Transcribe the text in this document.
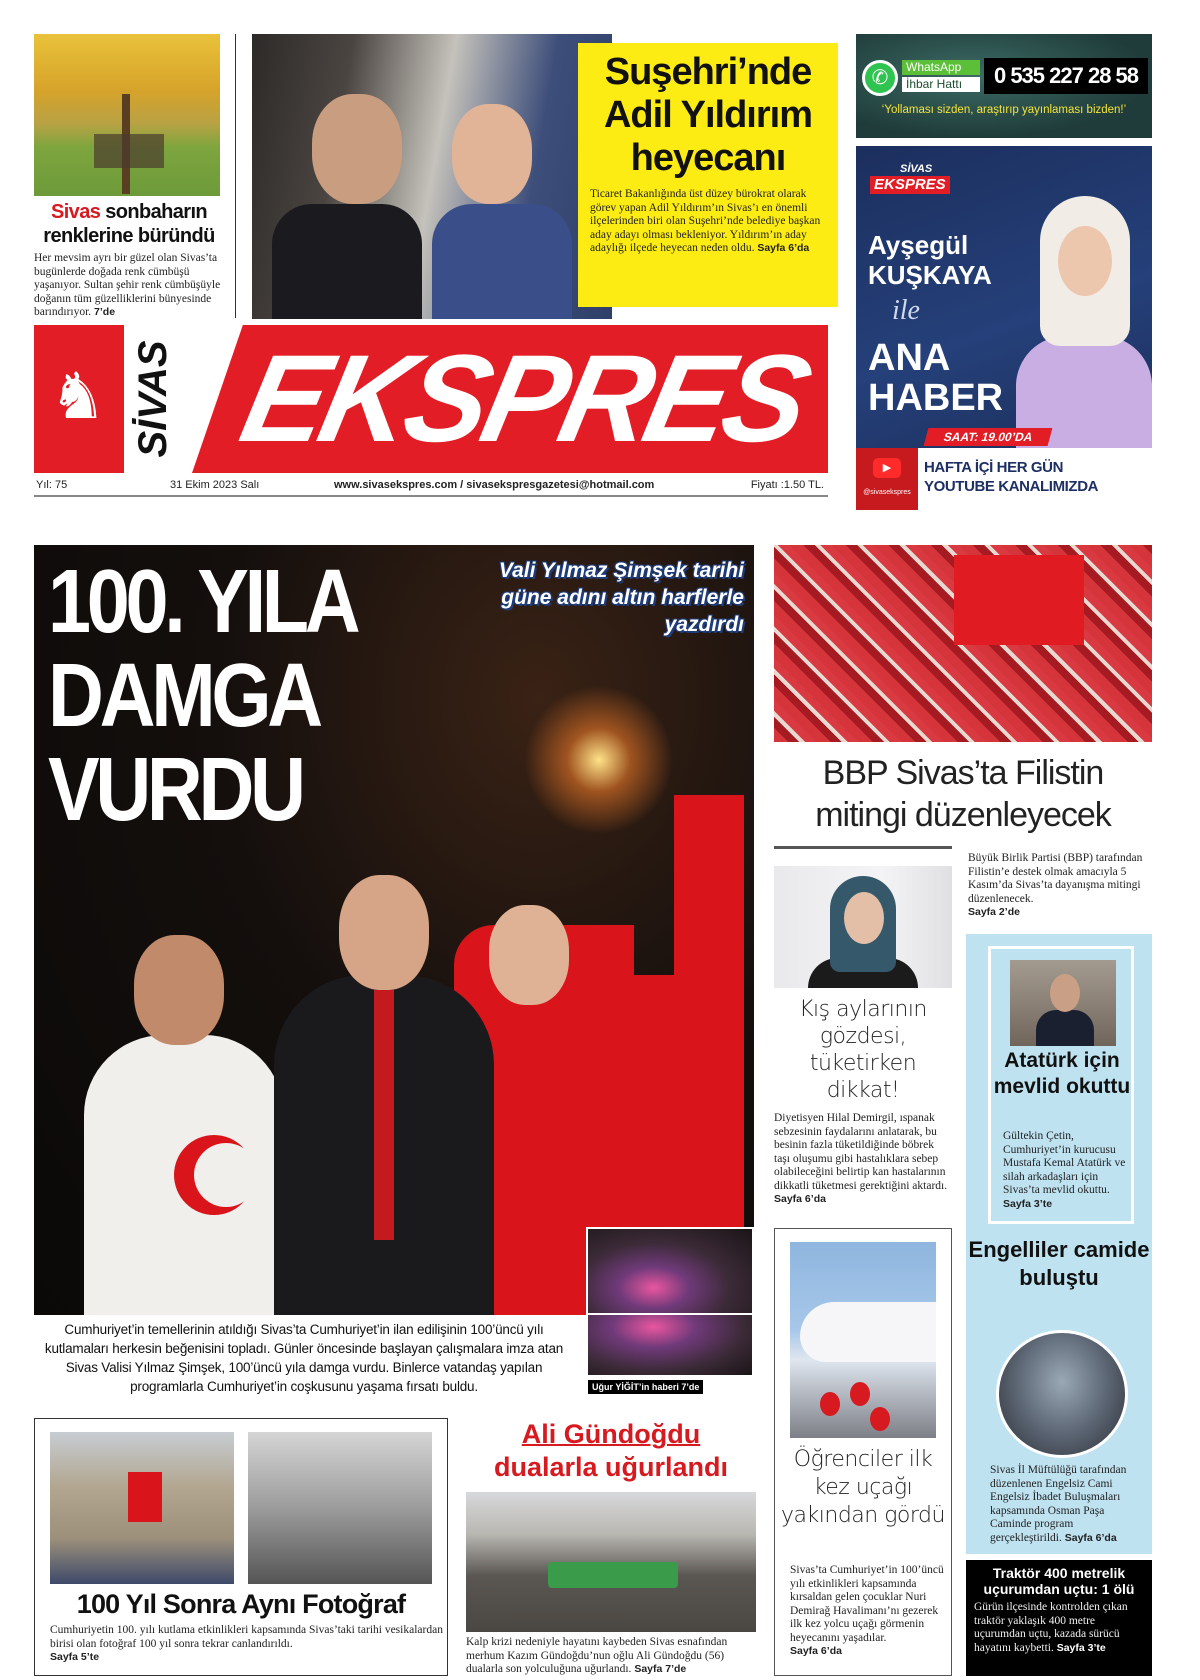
Sivas sonbaharın renklerine büründü
Her mevsim ayrı bir güzel olan Sivas’ta bugünlerde doğada renk cümbüşü yaşanıyor. Sultan şehir renk cümbüşüyle doğanın tüm güzelliklerini bünyesinde barındırıyor. 7’de
Suşehri’nde Adil Yıldırım heyecanı
Ticaret Bakanlığında üst düzey bürokrat olarak görev yapan Adil Yıldırım’ın Sivas’ı en önemli ilçelerinden biri olan Suşehri’nde belediye başkan aday adayı olması bekleniyor. Yıldırım’ın aday adaylığı ilçede heyecan neden oldu. Sayfa 6’da
✆	WhatsApp
İhbar Hattı	0 535 227 28 58
‘Yollaması sizden, araştırıp yayınlaması bizden!’
SİVAS
EKSPRES
Ayşegül
KUŞKAYA
ile
ANA
HABER
SAAT: 19.00’DA
▶
@sivasekspres
HAFTA İÇİ HER GÜN
YOUTUBE KANALIMIZDA
♞ SİVAS EKSPRES
Yıl: 75	31 Ekim 2023 Salı	www.sivasekspres.com / sivasekspresgazetesi@hotmail.com	Fiyatı :1.50 TL.
100. YILA
DAMGA
VURDU
Vali Yılmaz Şimşek tarihi güne adını altın harflerle yazdırdı
Cumhuriyet’in temellerinin atıldığı Sivas’ta Cumhuriyet’in ilan edilişinin 100’üncü yılı kutlamaları herkesin beğenisini topladı. Günler öncesinde başlayan çalışmalara imza atan Sivas Valisi Yılmaz Şimşek, 100’üncü yıla damga vurdu. Binlerce vatandaş yapılan programlarla Cumhuriyet’in coşkusunu yaşama fırsatı buldu.	Uğur YİĞİT’in haberi 7’de
BBP Sivas’ta Filistin mitingi düzenleyecek
Büyük Birlik Partisi (BBP) tarafından Filistin’e destek olmak amacıyla 5 Kasım’da Sivas’ta dayanışma mitingi düzenlenecek.
Sayfa 2’de
Kış aylarının gözdesi, tüketirken dikkat!
Diyetisyen Hilal Demirgil, ıspanak sebzesinin faydalarını anlatarak, bu besinin fazla tüketildiğinde böbrek taşı oluşumu gibi hastalıklara sebep olabileceğini belirtip kan hastalarının dikkatli tüketmesi gerektiğini aktardı.
Sayfa 6’da
Atatürk için mevlid okuttu
Gültekin Çetin, Cumhuriyet’in kurucusu Mustafa Kemal Atatürk ve silah arkadaşları için Sivas’ta mevlid okuttu.
Sayfa 3’te
Engelliler camide buluştu
Sivas İl Müftülüğü tarafından düzenlenen Engelsiz Cami Engelsiz İbadet Buluşmaları kapsamında Osman Paşa Caminde program gerçekleştirildi. Sayfa 6’da
Traktör 400 metrelik uçurumdan uçtu: 1 ölü
Gürün ilçesinde kontrolden çıkan traktör yaklaşık 400 metre uçurumdan uçtu, kazada sürücü hayatını kaybetti. Sayfa 3’te
Öğrenciler ilk kez uçağı yakından gördü
Sivas’ta Cumhuriyet’in 100’üncü yılı etkinlikleri kapsamında kırsaldan gelen çocuklar Nuri Demirağ Havalimanı’nı gezerek ilk kez yolcu uçağı görmenin heyecanını yaşadılar.
Sayfa 6’da
Ali Gündoğdu
dualarla uğurlandı
Kalp krizi nedeniyle hayatını kaybeden Sivas esnafından merhum Kazım Gündoğdu’nun oğlu Ali Gündoğdu (56) dualarla son yolculuğuna uğurlandı. Sayfa 7’de
100 Yıl Sonra Aynı Fotoğraf
Cumhuriyetin 100. yılı kutlama etkinlikleri kapsamında Sivas’taki tarihi vesikalardan birisi olan fotoğraf 100 yıl sonra tekrar canlandırıldı.
Sayfa 5’te
